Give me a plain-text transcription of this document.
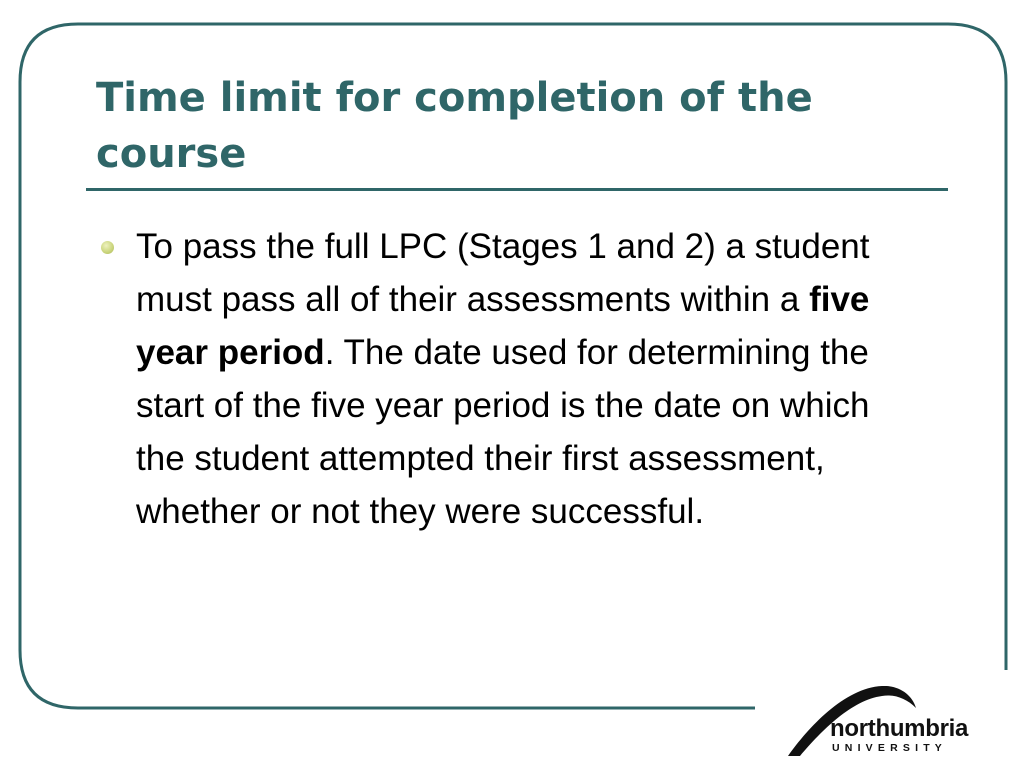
Time limit for completion of the course
To pass the full LPC (Stages 1 and 2) a student must pass all of their assessments within a five year period. The date used for determining the start of the five year period is the date on which the student attempted their first assessment, whether or not they were successful.
northumbria
UNIVERSITY
